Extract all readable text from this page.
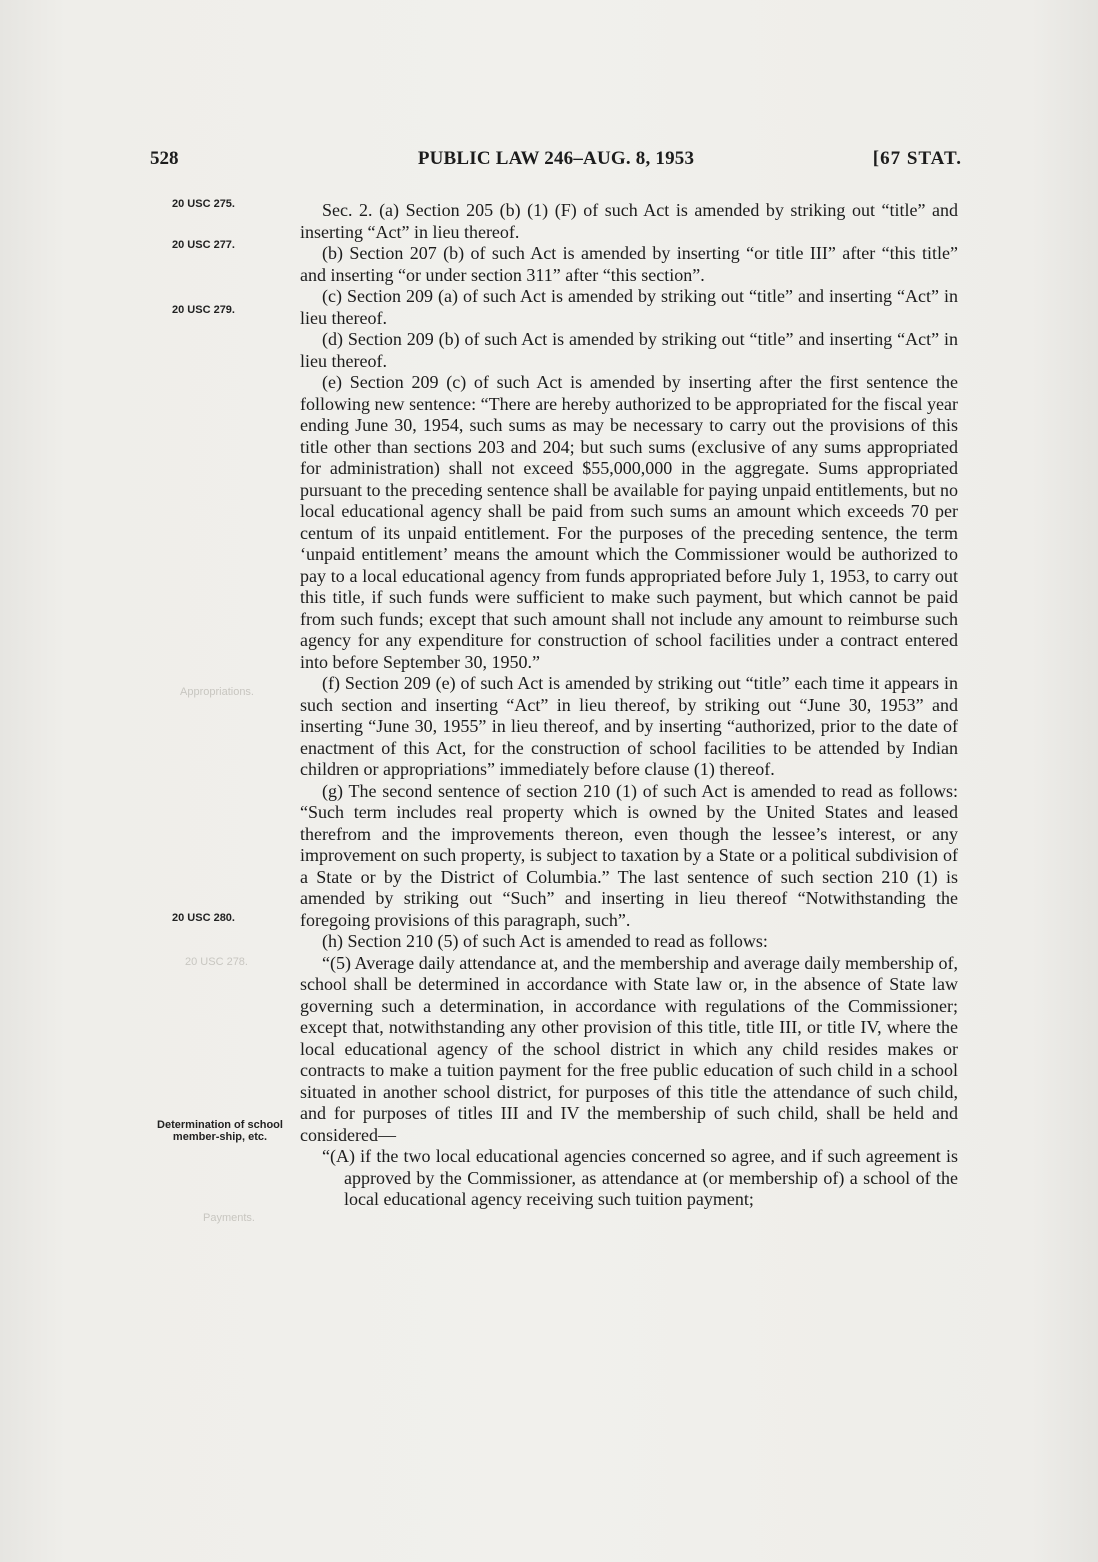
Appropriations.
20 USC 278.
Payments.
528	PUBLIC LAW 246–AUG. 8, 1953	[67 STAT.
20 USC 275.
20 USC 277.
20 USC 279.
20 USC 280.
Determination of school member-ship, etc.

Sec. 2. (a) Section 205 (b) (1) (F) of such Act is amended by striking out “title” and inserting “Act” in lieu thereof.

(b) Section 207 (b) of such Act is amended by inserting “or title III” after “this title” and inserting “or under section 311” after “this section”.

(c) Section 209 (a) of such Act is amended by striking out “title” and inserting “Act” in lieu thereof.

(d) Section 209 (b) of such Act is amended by striking out “title” and inserting “Act” in lieu thereof.

(e) Section 209 (c) of such Act is amended by inserting after the first sentence the following new sentence: “There are hereby authorized to be appropriated for the fiscal year ending June 30, 1954, such sums as may be necessary to carry out the provisions of this title other than sections 203 and 204; but such sums (exclusive of any sums appropriated for administration) shall not exceed $55,000,000 in the aggregate. Sums appropriated pursuant to the preceding sentence shall be available for paying unpaid entitlements, but no local educational agency shall be paid from such sums an amount which exceeds 70 per centum of its unpaid entitlement. For the purposes of the preceding sentence, the term ‘unpaid entitlement’ means the amount which the Commissioner would be authorized to pay to a local educational agency from funds appropriated before July 1, 1953, to carry out this title, if such funds were sufficient to make such payment, but which cannot be paid from such funds; except that such amount shall not include any amount to reimburse such agency for any expenditure for construction of school facilities under a contract entered into before September 30, 1950.”

(f) Section 209 (e) of such Act is amended by striking out “title” each time it appears in such section and inserting “Act” in lieu thereof, by striking out “June 30, 1953” and inserting “June 30, 1955” in lieu thereof, and by inserting “authorized, prior to the date of enactment of this Act, for the construction of school facilities to be attended by Indian children or appropriations” immediately before clause (1) thereof.

(g) The second sentence of section 210 (1) of such Act is amended to read as follows: “Such term includes real property which is owned by the United States and leased therefrom and the improvements thereon, even though the lessee’s interest, or any improvement on such property, is subject to taxation by a State or a political subdivision of a State or by the District of Columbia.” The last sentence of such section 210 (1) is amended by striking out “Such” and inserting in lieu thereof “Notwithstanding the foregoing provisions of this paragraph, such”.

(h) Section 210 (5) of such Act is amended to read as follows:

“(5) Average daily attendance at, and the membership and average daily membership of, school shall be determined in accordance with State law or, in the absence of State law governing such a determination, in accordance with regulations of the Commissioner; except that, notwithstanding any other provision of this title, title III, or title IV, where the local educational agency of the school district in which any child resides makes or contracts to make a tuition payment for the free public education of such child in a school situated in another school district, for purposes of this title the attendance of such child, and for purposes of titles III and IV the membership of such child, shall be held and considered—

“(A) if the two local educational agencies concerned so agree, and if such agreement is approved by the Commissioner, as attendance at (or membership of) a school of the local educational agency receiving such tuition payment;
